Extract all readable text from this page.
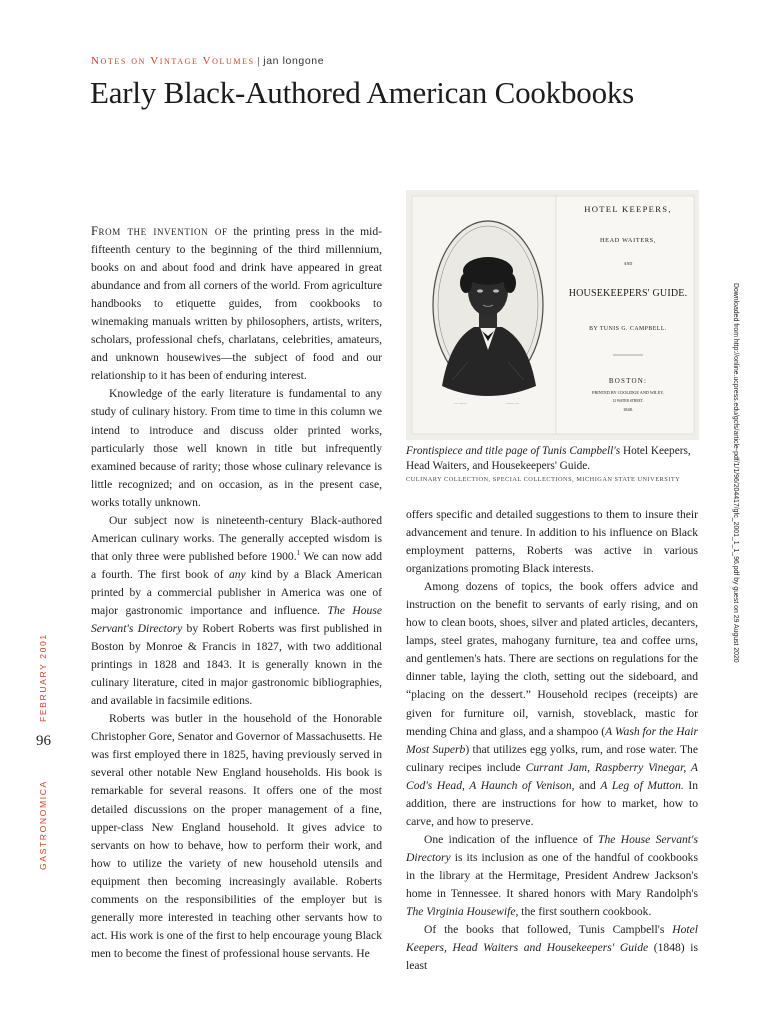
Notes on Vintage Volumes | jan longone
Early Black-Authored American Cookbooks
— ——	—— —
HOTEL KEEPERS,
HEAD WAITERS,
AND
HOUSEKEEPERS' GUIDE.
BY TUNIS G. CAMPBELL.
BOSTON:
PRINTED BY COOLIDGE AND WILEY,
12 WATER STREET.
1848.
Frontispiece and title page of Tunis Campbell's Hotel Keepers, Head Waiters, and Housekeepers' Guide.
CULINARY COLLECTION, SPECIAL COLLECTIONS, MICHIGAN STATE UNIVERSITY

From the invention of the printing press in the mid-fifteenth century to the beginning of the third millennium, books on and about food and drink have appeared in great abundance and from all corners of the world. From agriculture handbooks to etiquette guides, from cookbooks to winemaking manuals written by philosophers, artists, writers, scholars, professional chefs, charlatans, celebrities, amateurs, and unknown housewives—the subject of food and our relationship to it has been of enduring interest.

Knowledge of the early literature is fundamental to any study of culinary history. From time to time in this column we intend to introduce and discuss older printed works, particularly those well known in title but infrequently examined because of rarity; those whose culinary relevance is little recognized; and on occasion, as in the present case, works totally unknown.

Our subject now is nineteenth-century Black-authored American culinary works. The generally accepted wisdom is that only three were published before 1900.$^1$ We can now add a fourth. The first book of any kind by a Black American printed by a commercial publisher in America was one of major gastronomic importance and influence. The House Servant's Directory by Robert Roberts was first published in Boston by Monroe & Francis in 1827, with two additional printings in 1828 and 1843. It is generally known in the culinary literature, cited in major gastronomic bibliographies, and available in facsimile editions.

Roberts was butler in the household of the Honorable Christopher Gore, Senator and Governor of Massachusetts. He was first employed there in 1825, having previously served in several other notable New England households. His book is remarkable for several reasons. It offers one of the most detailed discussions on the proper management of a fine, upper-class New England household. It gives advice to servants on how to behave, how to perform their work, and how to utilize the variety of new household utensils and equipment then becoming increasingly available. Roberts comments on the responsibilities of the employer but is generally more interested in teaching other servants how to act. His work is one of the first to help encourage young Black men to become the finest of professional house servants. He

offers specific and detailed suggestions to them to insure their advancement and tenure. In addition to his influence on Black employment patterns, Roberts was active in various organizations promoting Black interests.

Among dozens of topics, the book offers advice and instruction on the benefit to servants of early rising, and on how to clean boots, shoes, silver and plated articles, decanters, lamps, steel grates, mahogany furniture, tea and coffee urns, and gentlemen's hats. There are sections on regulations for the dinner table, laying the cloth, setting out the sideboard, and “placing on the dessert.” Household recipes (receipts) are given for furniture oil, varnish, stoveblack, mastic for mending China and glass, and a shampoo (A Wash for the Hair Most Superb) that utilizes egg yolks, rum, and rose water. The culinary recipes include Currant Jam, Raspberry Vinegar, A Cod's Head, A Haunch of Venison, and A Leg of Mutton. In addition, there are instructions for how to market, how to carve, and how to preserve.

One indication of the influence of The House Servant's Directory is its inclusion as one of the handful of cookbooks in the library at the Hermitage, President Andrew Jackson's home in Tennessee. It shared honors with Mary Randolph's The Virginia Housewife, the first southern cookbook.

Of the books that followed, Tunis Campbell's Hotel Keepers, Head Waiters and Housekeepers' Guide (1848) is least

96
FEBRUARY 2001
GASTRONOMICA
Downloaded from http://online.ucpress.edu/gcfs/article-pdf/1/1/96/204417/gfc_2001_1_1_96.pdf by guest on 29 August 2020
